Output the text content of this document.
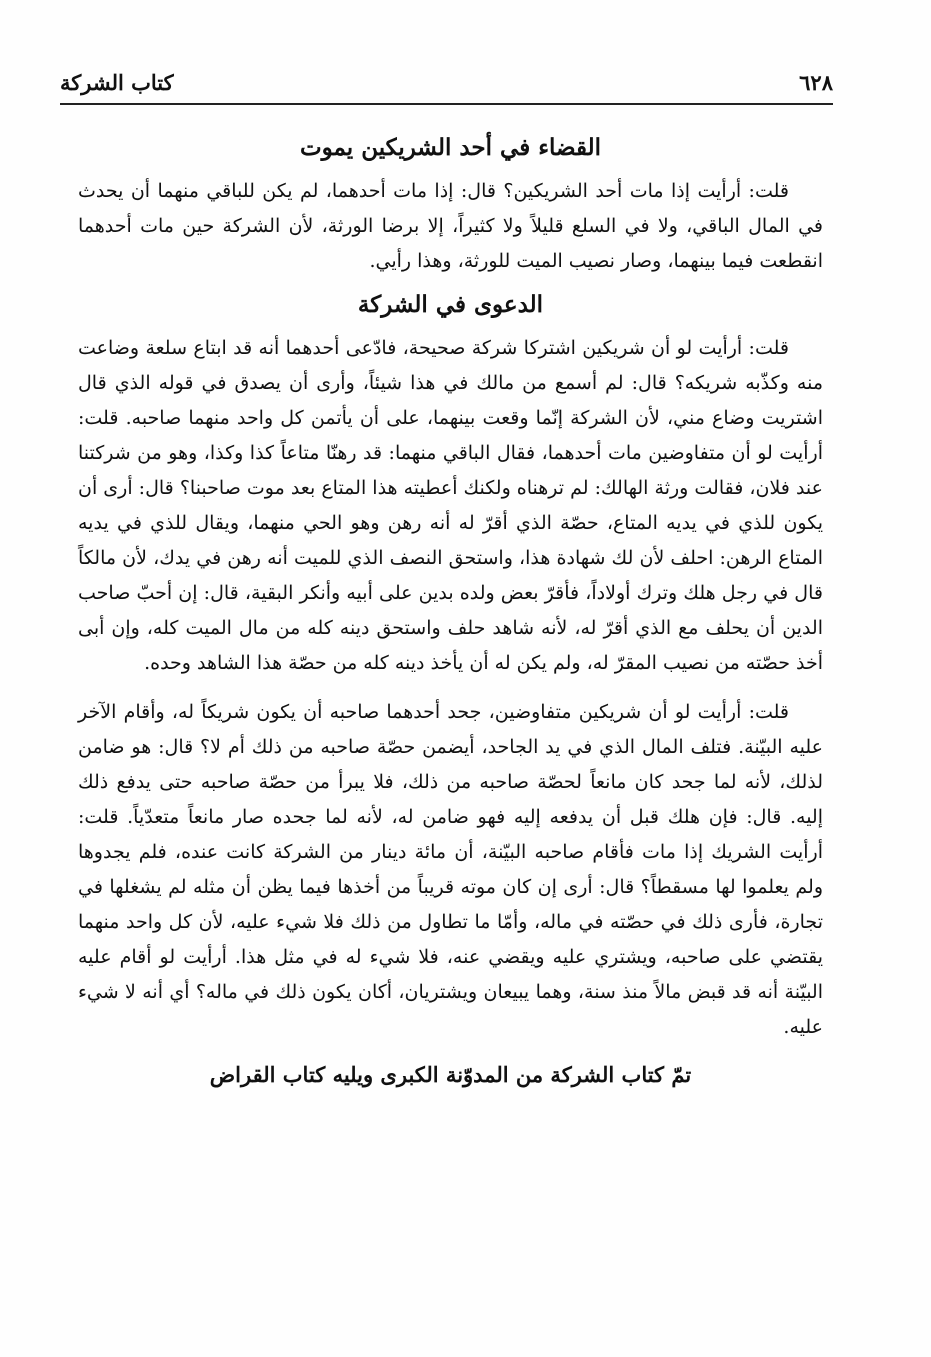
٦٢٨
كتاب الشركة
القضاء في أحد الشريكين يموت

قلت: أرأيت إذا مات أحد الشريكين؟ قال: إذا مات أحدهما، لم يكن للباقي منهما أن يحدث في المال الباقي، ولا في السلع قليلاً ولا كثيراً، إلا برضا الورثة، لأن الشركة حين مات أحدهما انقطعت فيما بينهما، وصار نصيب الميت للورثة، وهذا رأيي.

الدعوى في الشركة

قلت: أرأيت لو أن شريكين اشتركا شركة صحيحة، فادّعى أحدهما أنه قد ابتاع سلعة وضاعت منه وكذّبه شريكه؟ قال: لم أسمع من مالك في هذا شيئاً، وأرى أن يصدق في قوله الذي قال اشتريت وضاع مني، لأن الشركة إنّما وقعت بينهما، على أن يأتمن كل واحد منهما صاحبه. قلت: أرأيت لو أن متفاوضين مات أحدهما، فقال الباقي منهما: قد رهنّا متاعاً كذا وكذا، وهو من شركتنا عند فلان، فقالت ورثة الهالك: لم ترهناه ولكنك أعطيته هذا المتاع بعد موت صاحبنا؟ قال: أرى أن يكون للذي في يديه المتاع، حصّة الذي أقرّ له أنه رهن وهو الحي منهما، ويقال للذي في يديه المتاع الرهن: احلف لأن لك شهادة هذا، واستحق النصف الذي للميت أنه رهن في يدك، لأن مالكاً قال في رجل هلك وترك أولاداً، فأقرّ بعض ولده بدين على أبيه وأنكر البقية، قال: إن أحبّ صاحب الدين أن يحلف مع الذي أقرّ له، لأنه شاهد حلف واستحق دينه كله من مال الميت كله، وإن أبى أخذ حصّته من نصيب المقرّ له، ولم يكن له أن يأخذ دينه كله من حصّة هذا الشاهد وحده.

قلت: أرأيت لو أن شريكين متفاوضين، جحد أحدهما صاحبه أن يكون شريكاً له، وأقام الآخر عليه البيّنة. فتلف المال الذي في يد الجاحد، أيضمن حصّة صاحبه من ذلك أم لا؟ قال: هو ضامن لذلك، لأنه لما جحد كان مانعاً لحصّة صاحبه من ذلك، فلا يبرأ من حصّة صاحبه حتى يدفع ذلك إليه. قال: فإن هلك قبل أن يدفعه إليه فهو ضامن له، لأنه لما جحده صار مانعاً متعدّياً. قلت: أرأيت الشريك إذا مات فأقام صاحبه البيّنة، أن مائة دينار من الشركة كانت عنده، فلم يجدوها ولم يعلموا لها مسقطاً؟ قال: أرى إن كان موته قريباً من أخذها فيما يظن أن مثله لم يشغلها في تجارة، فأرى ذلك في حصّته في ماله، وأمّا ما تطاول من ذلك فلا شيء عليه، لأن كل واحد منهما يقتضي على صاحبه، ويشتري عليه ويقضي عنه، فلا شيء له في مثل هذا. أرأيت لو أقام عليه البيّنة أنه قد قبض مالاً منذ سنة، وهما يبيعان ويشتريان، أكان يكون ذلك في ماله؟ أي أنه لا شيء عليه.

تمّ كتاب الشركة من المدوّنة الكبرى ويليه كتاب القراض
